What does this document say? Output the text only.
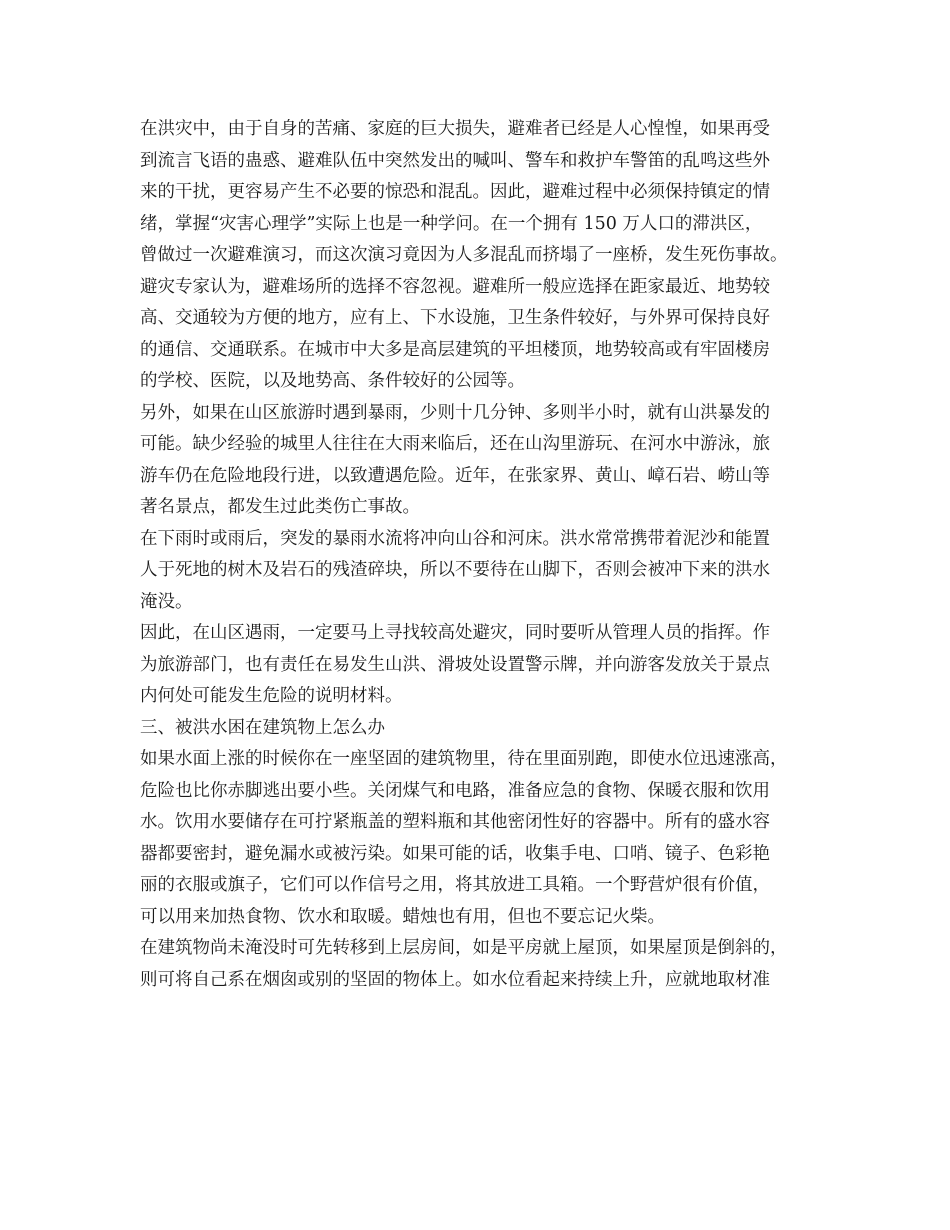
在洪灾中，由于自身的苦痛、家庭的巨大损失，避难者已经是人心惶惶，如果再受
到流言飞语的蛊惑、避难队伍中突然发出的喊叫、警车和救护车警笛的乱鸣这些外
来的干扰，更容易产生不必要的惊恐和混乱。因此，避难过程中必须保持镇定的情
绪，掌握“灾害心理学”实际上也是一种学问。在一个拥有 150 万人口的滞洪区，
曾做过一次避难演习，而这次演习竟因为人多混乱而挤塌了一座桥，发生死伤事故。
避灾专家认为，避难场所的选择不容忽视。避难所一般应选择在距家最近、地势较
高、交通较为方便的地方，应有上、下水设施，卫生条件较好，与外界可保持良好
的通信、交通联系。在城市中大多是高层建筑的平坦楼顶，地势较高或有牢固楼房
的学校、医院，以及地势高、条件较好的公园等。
另外，如果在山区旅游时遇到暴雨，少则十几分钟、多则半小时，就有山洪暴发的
可能。缺少经验的城里人往往在大雨来临后，还在山沟里游玩、在河水中游泳，旅
游车仍在危险地段行进，以致遭遇危险。近年，在张家界、黄山、嶂石岩、崂山等
著名景点，都发生过此类伤亡事故。
在下雨时或雨后，突发的暴雨水流将冲向山谷和河床。洪水常常携带着泥沙和能置
人于死地的树木及岩石的残渣碎块，所以不要待在山脚下，否则会被冲下来的洪水
淹没。
因此，在山区遇雨，一定要马上寻找较高处避灾，同时要听从管理人员的指挥。作
为旅游部门，也有责任在易发生山洪、滑坡处设置警示牌，并向游客发放关于景点
内何处可能发生危险的说明材料。
三、被洪水困在建筑物上怎么办
如果水面上涨的时候你在一座坚固的建筑物里，待在里面别跑，即使水位迅速涨高，
危险也比你赤脚逃出要小些。关闭煤气和电路，准备应急的食物、保暖衣服和饮用
水。饮用水要储存在可拧紧瓶盖的塑料瓶和其他密闭性好的容器中。所有的盛水容
器都要密封，避免漏水或被污染。如果可能的话，收集手电、口哨、镜子、色彩艳
丽的衣服或旗子，它们可以作信号之用，将其放进工具箱。一个野营炉很有价值，
可以用来加热食物、饮水和取暖。蜡烛也有用，但也不要忘记火柴。
在建筑物尚未淹没时可先转移到上层房间，如是平房就上屋顶，如果屋顶是倒斜的，
则可将自己系在烟囱或别的坚固的物体上。如水位看起来持续上升，应就地取材准
